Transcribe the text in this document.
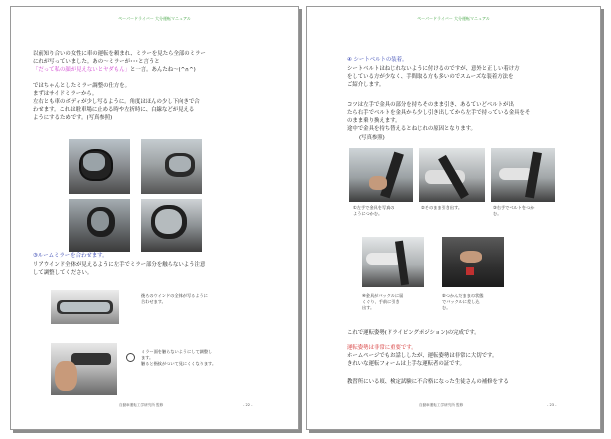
ペーパードライバー 大分運転マニュアル
以前知り合いの女性に車の運転を頼まれ、ミラーを見たら全部のミラー
にれが写っていました。あの～ミラーが･･･と言うと
「だって私の顔が見えないとヤダもん」と一言。あんたね～(^∩^)
ではちゃんとしたミラー調整の仕方を。
まずはサイドミラーから。
左右とも車のボディが少し写るように。角度はほんの少し下向きで合
わせます。これは駐車場に止める時や左折時に、白線などが見える
ようにするためです。(写真参照)
③ルームミラーを合わせます。
リアウインド全体が見えるように左手でミラー部分を触らないよう注意
して調整してください。
後ろのウインドの全体が写るように
合わせます。
ミラー面を触らないようにして調整し
ます。
触ると指紋がついて見にくくなります。
自動車運転工学研究所 監修	- 22 -
ペーパードライバー 大分運転マニュアル
④ シートベルトの装着。
シートベルトはねじれないように付けるのですが、意外と正しい着け方
をしている方が少なく、手間取る方も多いのでスムーズな装着方法を
ご紹介します。
コツは左手で金具の部分を持ちそのまま引き、あるていどベルトが出
たら右手でベルトを金具から少し引き出してから左手で持っている金具をそ
のまま乗り換えます。
途中で金具を持ち替えるとねじれの原因となります。
(写真参照)
①左手で金具を写真の
ようにつかむ。
②そのまま引き出す。	③右手でベルトをつか
む。
④金具がバックルに届
くぐり、手前に引き
出す。
⑤つかんだままの状態
でバックルに差し込
む。
これで運転姿勢(ドライビングポジション)の完成です。
運転姿勢は非常に重要です。
ホームページでもお話ししたが、運転姿勢は非常に大切です。
きれいな運転フォームは上手な運転者の証です。
教習所にいる頃、検定試験に不合格になった生徒さんの補修をする
自動車運転工学研究所 監修	- 23 -
